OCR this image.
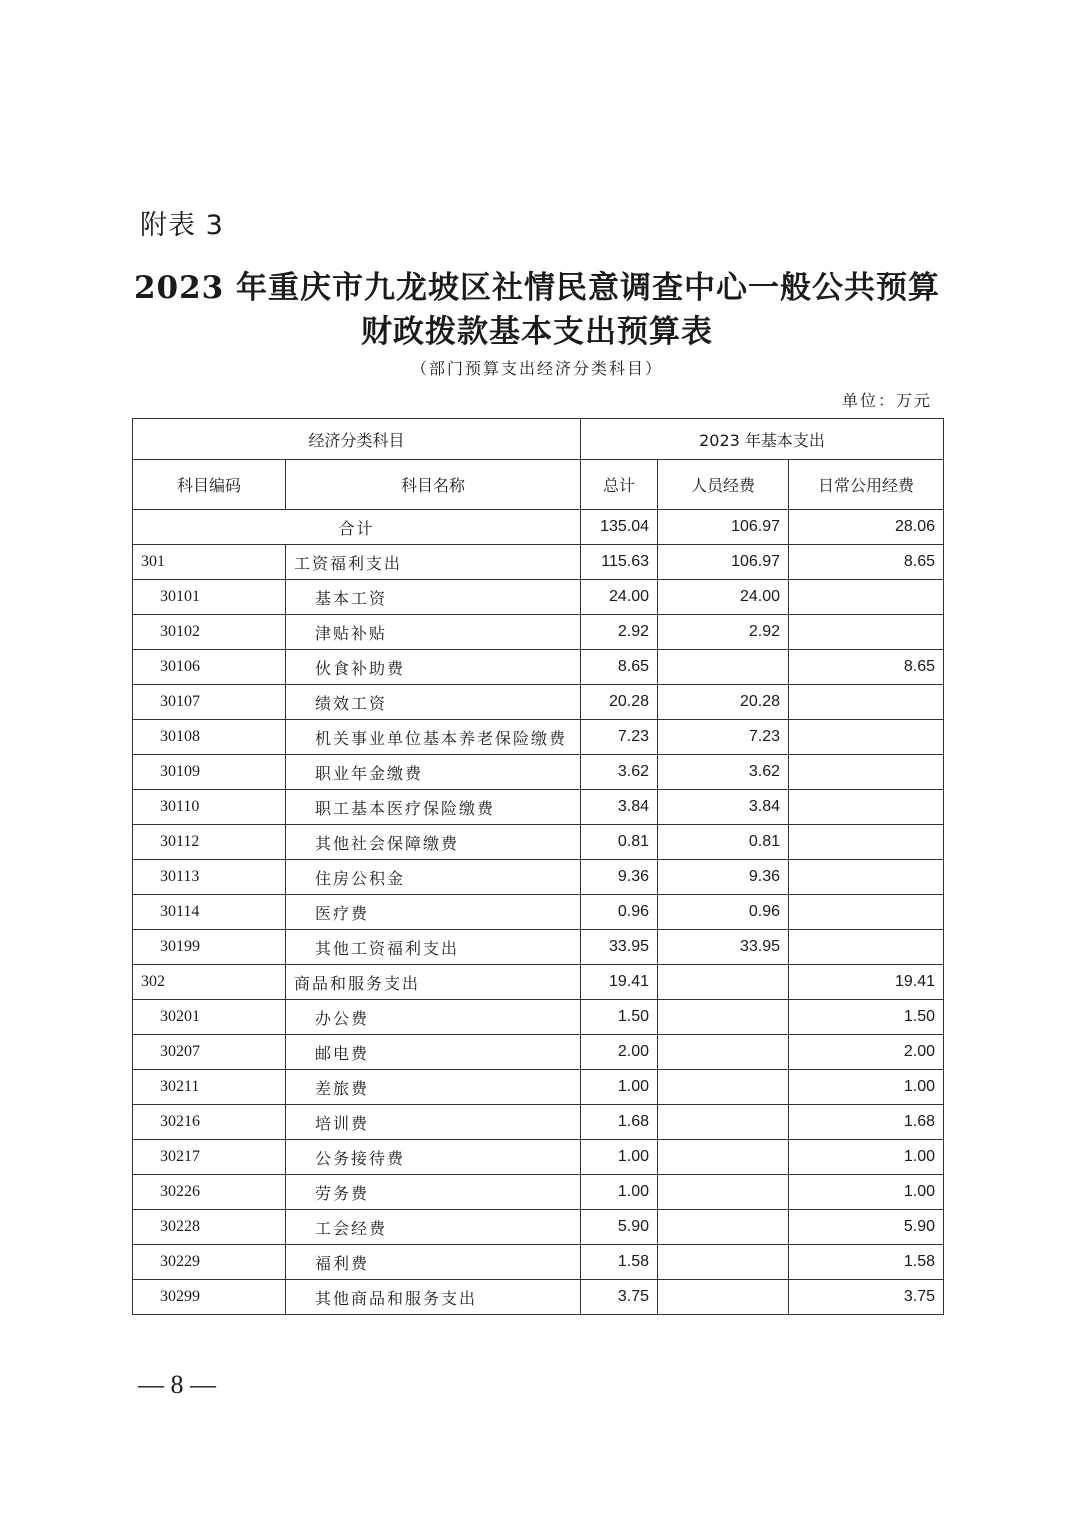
附表 3
2023 年重庆市九龙坡区社情民意调查中心一般公共预算
财政拨款基本支出预算表
（部门预算支出经济分类科目）
单位：万元
经济分类科目		2023 年基本支出		
科目编码	科目名称	总计	人员经费	日常公用经费
合计		135.04	106.97	28.06
301	工资福利支出	115.63	106.97	8.65
30101	基本工资	24.00	24.00	
30102	津贴补贴	2.92	2.92	
30106	伙食补助费	8.65		8.65
30107	绩效工资	20.28	20.28	
30108	机关事业单位基本养老保险缴费	7.23	7.23	
30109	职业年金缴费	3.62	3.62	
30110	职工基本医疗保险缴费	3.84	3.84	
30112	其他社会保障缴费	0.81	0.81	
30113	住房公积金	9.36	9.36	
30114	医疗费	0.96	0.96	
30199	其他工资福利支出	33.95	33.95	
302	商品和服务支出	19.41		19.41
30201	办公费	1.50		1.50
30207	邮电费	2.00		2.00
30211	差旅费	1.00		1.00
30216	培训费	1.68		1.68
30217	公务接待费	1.00		1.00
30226	劳务费	1.00		1.00
30228	工会经费	5.90		5.90
30229	福利费	1.58		1.58
30299	其他商品和服务支出	3.75		3.75
— 8 —
